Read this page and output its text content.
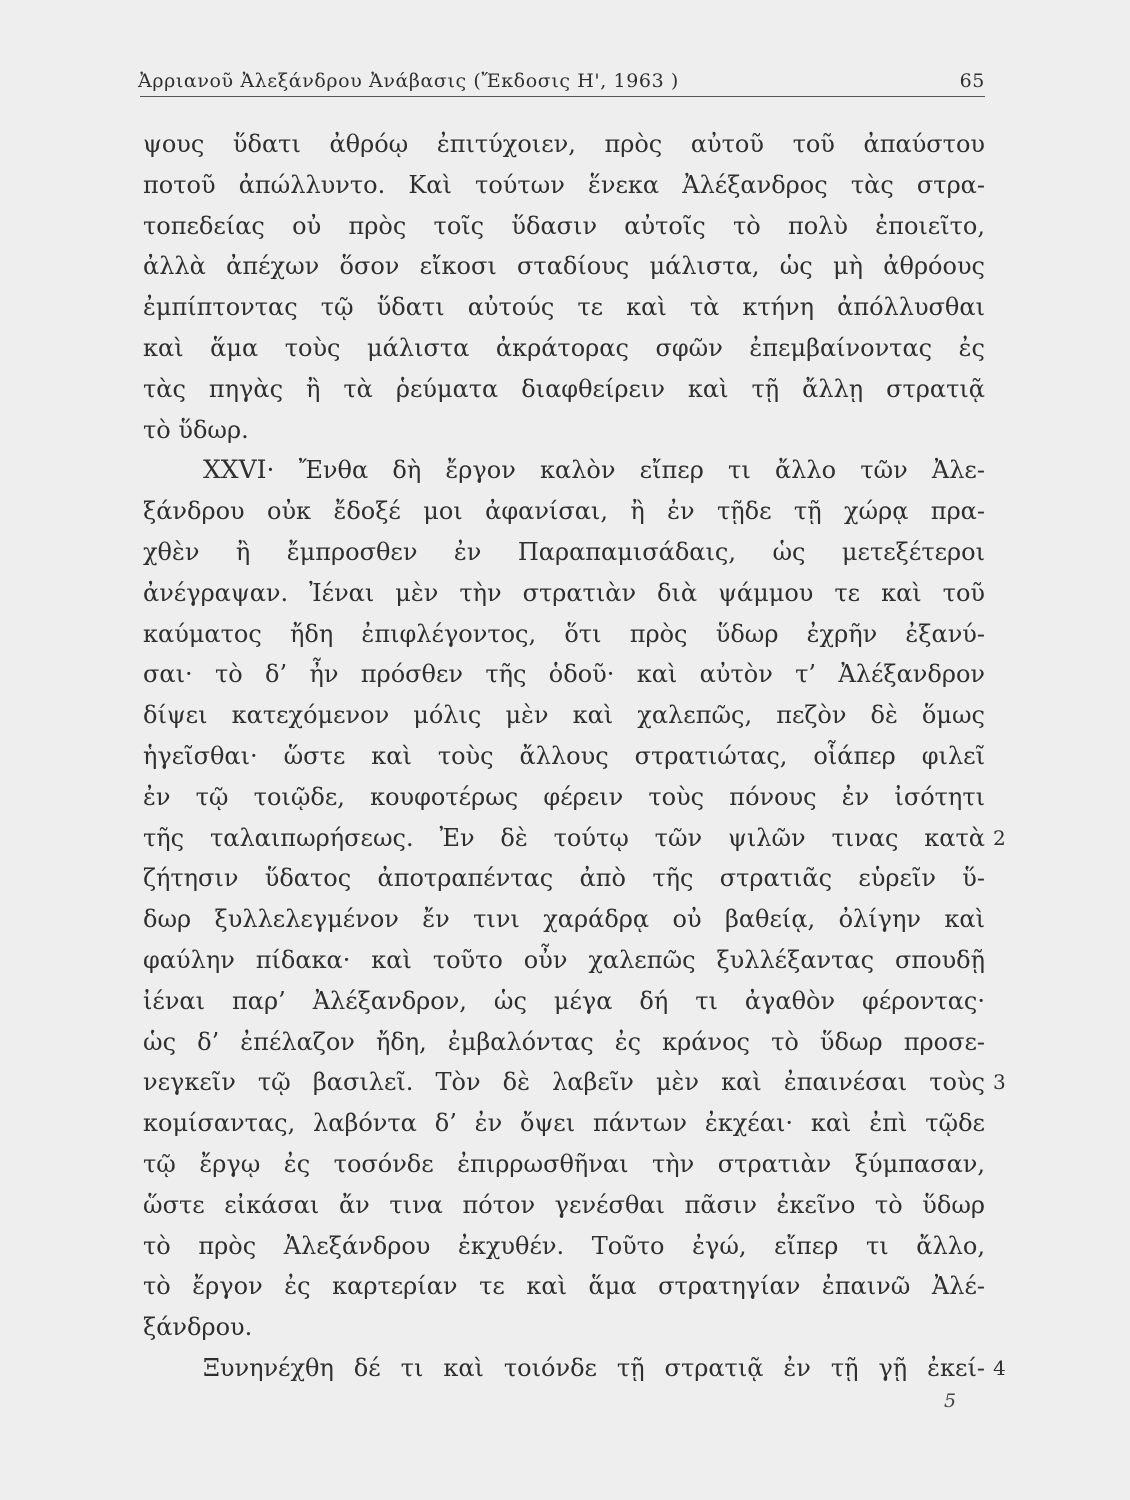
Ἀρριανοῦ Ἀλεξάνδρου Ἀνάβασις (Ἔκδοσις Η', 1963 )	65
ψους ὕδατι ἀθρόῳ ἐπιτύχοιεν, πρὸς αὐτοῦ τοῦ ἀπαύστου
ποτοῦ ἀπώλλυντο. Καὶ τούτων ἕνεκα Ἀλέξανδρος τὰς στρα-
τοπεδείας οὐ πρὸς τοῖς ὕδασιν αὐτοῖς τὸ πολὺ ἐποιεῖτο,
ἀλλὰ ἀπέχων ὅσον εἴκοσι σταδίους μάλιστα, ὡς μὴ ἀθρόους
ἐμπίπτοντας τῷ ὕδατι αὐτούς τε καὶ τὰ κτήνη ἀπόλλυσθαι
καὶ ἅμα τοὺς μάλιστα ἀκράτορας σφῶν ἐπεμβαίνοντας ἐς
τὰς πηγὰς ἢ τὰ ῥεύματα διαφθείρειν καὶ τῇ ἄλλῃ στρατιᾷ
τὸ ὕδωρ.
XXVI· Ἔνθα δὴ ἔργον καλὸν εἴπερ τι ἄλλο τῶν Ἀλε-
ξάνδρου οὐκ ἔδοξέ μοι ἀφανίσαι, ἢ ἐν τῇδε τῇ χώρᾳ πρα-
χθὲν ἢ ἔμπροσθεν ἐν Παραπαμισάδαις, ὡς μετεξέτεροι
ἀνέγραψαν. Ἰέναι μὲν τὴν στρατιὰν διὰ ψάμμου τε καὶ τοῦ
καύματος ἤδη ἐπιφλέγοντος, ὅτι πρὸς ὕδωρ ἐχρῆν ἐξανύ-
σαι· τὸ δ’ ἦν πρόσθεν τῆς ὁδοῦ· καὶ αὐτὸν τ’ Ἀλέξανδρον
δίψει κατεχόμενον μόλις μὲν καὶ χαλεπῶς, πεζὸν δὲ ὅμως
ἡγεῖσθαι· ὥστε καὶ τοὺς ἄλλους στρατιώτας, οἷάπερ φιλεῖ
ἐν τῷ τοιῷδε, κουφοτέρως φέρειν τοὺς πόνους ἐν ἰσότητι
τῆς ταλαιπωρήσεως. Ἐν δὲ τούτῳ τῶν ψιλῶν τινας κατὰ
ζήτησιν ὕδατος ἀποτραπέντας ἀπὸ τῆς στρατιᾶς εὑρεῖν ὕ-
δωρ ξυλλελεγμένον ἔν τινι χαράδρᾳ οὐ βαθείᾳ, ὀλίγην καὶ
φαύλην πίδακα· καὶ τοῦτο οὖν χαλεπῶς ξυλλέξαντας σπουδῇ
ἰέναι παρ’ Ἀλέξανδρον, ὡς μέγα δή τι ἀγαθὸν φέροντας·
ὡς δ’ ἐπέλαζον ἤδη, ἐμβαλόντας ἐς κράνος τὸ ὕδωρ προσε-
νεγκεῖν τῷ βασιλεῖ. Τὸν δὲ λαβεῖν μὲν καὶ ἐπαινέσαι τοὺς
κομίσαντας, λαβόντα δ’ ἐν ὄψει πάντων ἐκχέαι· καὶ ἐπὶ τῷδε
τῷ ἔργῳ ἐς τοσόνδε ἐπιρρωσθῆναι τὴν στρατιὰν ξύμπασαν,
ὥστε εἰκάσαι ἄν τινα πότον γενέσθαι πᾶσιν ἐκεῖνο τὸ ὕδωρ
τὸ πρὸς Ἀλεξάνδρου ἐκχυθέν. Τοῦτο ἐγώ, εἴπερ τι ἄλλο,
τὸ ἔργον ἐς καρτερίαν τε καὶ ἅμα στρατηγίαν ἐπαινῶ Ἀλέ-
ξάνδρου.
Ξυνηνέχθη δέ τι καὶ τοιόνδε τῇ στρατιᾷ ἐν τῇ γῇ ἐκεί-
2
3
4
5
